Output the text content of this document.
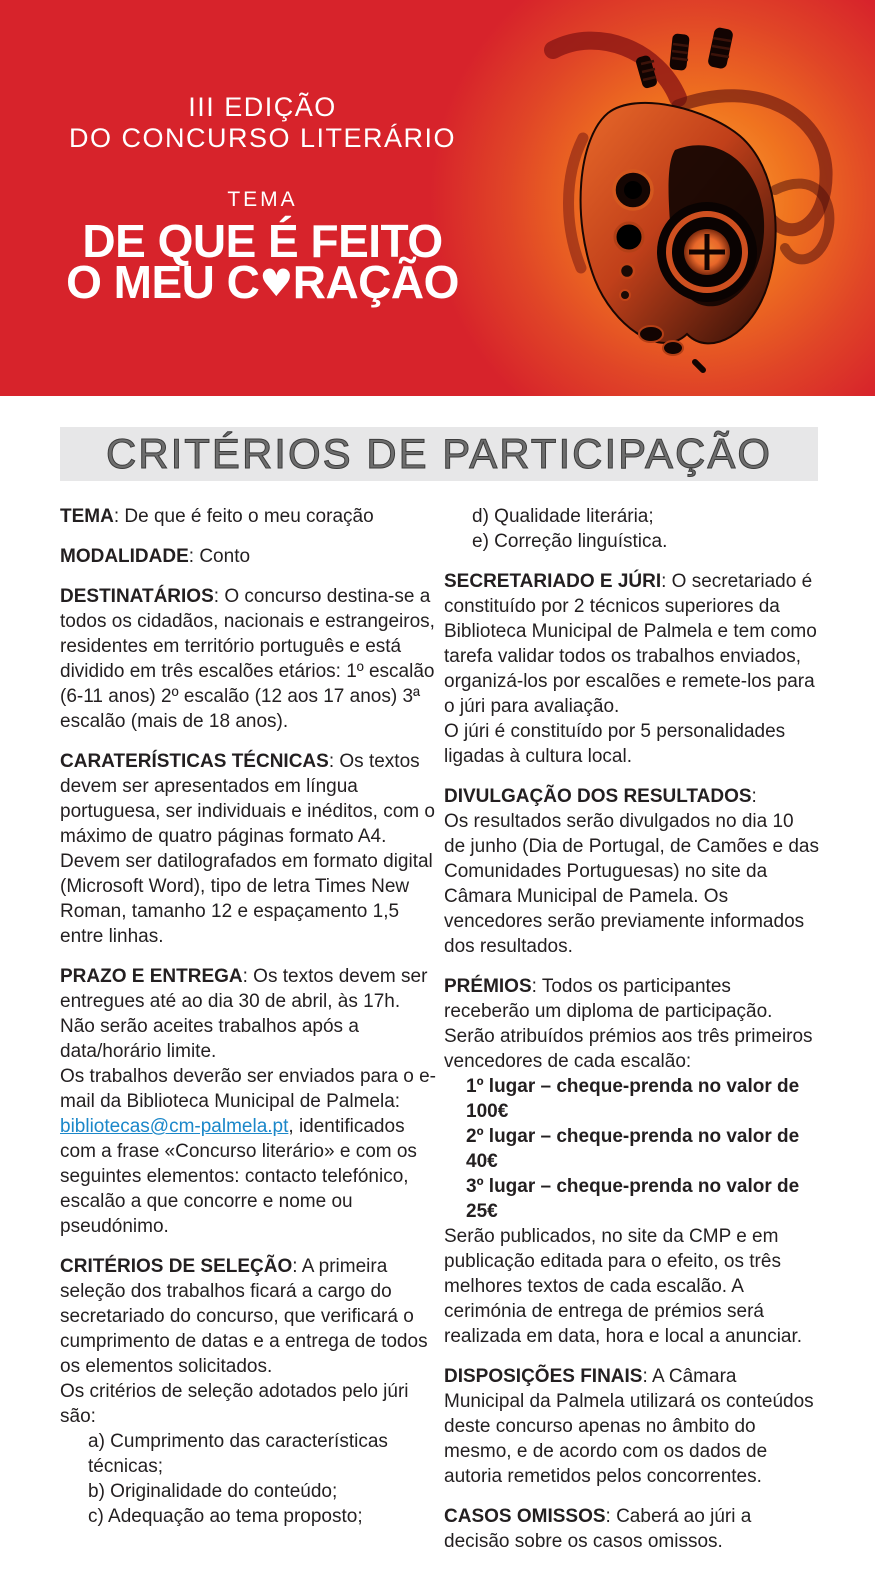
III EDIÇÃO
DO CONCURSO LITERÁRIO
TEMA
DE QUE É FEITO
O MEU C♥RAÇÃO
CRITÉRIOS DE PARTICIPAÇÃO
TEMA: De que é feito o meu coração
MODALIDADE: Conto
DESTINATÁRIOS: O concurso destina-se a todos os cidadãos, nacionais e estrangeiros, residentes em território português e está dividido em três escalões etários: 1º escalão (6-11 anos) 2º escalão (12 aos 17 anos) 3ª escalão (mais de 18 anos).
CARATERÍSTICAS TÉCNICAS: Os textos devem ser apresentados em língua portuguesa, ser individuais e inéditos, com o máximo de quatro páginas formato A4. Devem ser datilografados em formato digital (Microsoft Word), tipo de letra Times New Roman, tamanho 12 e espaçamento 1,5 entre linhas.
PRAZO E ENTREGA: Os textos devem ser entregues até ao dia 30 de abril, às 17h. Não serão aceites trabalhos após a data/horário limite.
Os trabalhos deverão ser enviados para o e-mail da Biblioteca Municipal de Palmela: bibliotecas@cm-palmela.pt, identificados com a frase «Concurso literário» e com os seguintes elementos: contacto telefónico, escalão a que concorre e nome ou pseudónimo.
CRITÉRIOS DE SELEÇÃO: A primeira seleção dos trabalhos ficará a cargo do secretariado do concurso, que verificará o cumprimento de datas e a entrega de todos os elementos solicitados.
Os critérios de seleção adotados pelo júri são:
a) Cumprimento das características técnicas;
b) Originalidade do conteúdo;
c) Adequação ao tema proposto;
d) Qualidade literária;
e) Correção linguística.
SECRETARIADO E JÚRI: O secretariado é constituído por 2 técnicos superiores da Biblioteca Municipal de Palmela e tem como tarefa validar todos os trabalhos enviados, organizá-los por escalões e remete-los para o júri para avaliação.
O júri é constituído por 5 personalidades ligadas à cultura local.
DIVULGAÇÃO DOS RESULTADOS:
Os resultados serão divulgados no dia 10 de junho (Dia de Portugal, de Camões e das Comunidades Portuguesas) no site da Câmara Municipal de Pamela. Os vencedores serão previamente informados dos resultados.
PRÉMIOS: Todos os participantes receberão um diploma de participação.
Serão atribuídos prémios aos três primeiros vencedores de cada escalão:
1º lugar – cheque-prenda no valor de 100€
2º lugar – cheque-prenda no valor de 40€
3º lugar – cheque-prenda no valor de 25€
Serão publicados, no site da CMP e em publicação editada para o efeito, os três melhores textos de cada escalão. A cerimónia de entrega de prémios será realizada em data, hora e local a anunciar.
DISPOSIÇÕES FINAIS: A Câmara Municipal da Palmela utilizará os conteúdos deste concurso apenas no âmbito do mesmo, e de acordo com os dados de autoria remetidos pelos concorrentes.
CASOS OMISSOS: Caberá ao júri a decisão sobre os casos omissos.
